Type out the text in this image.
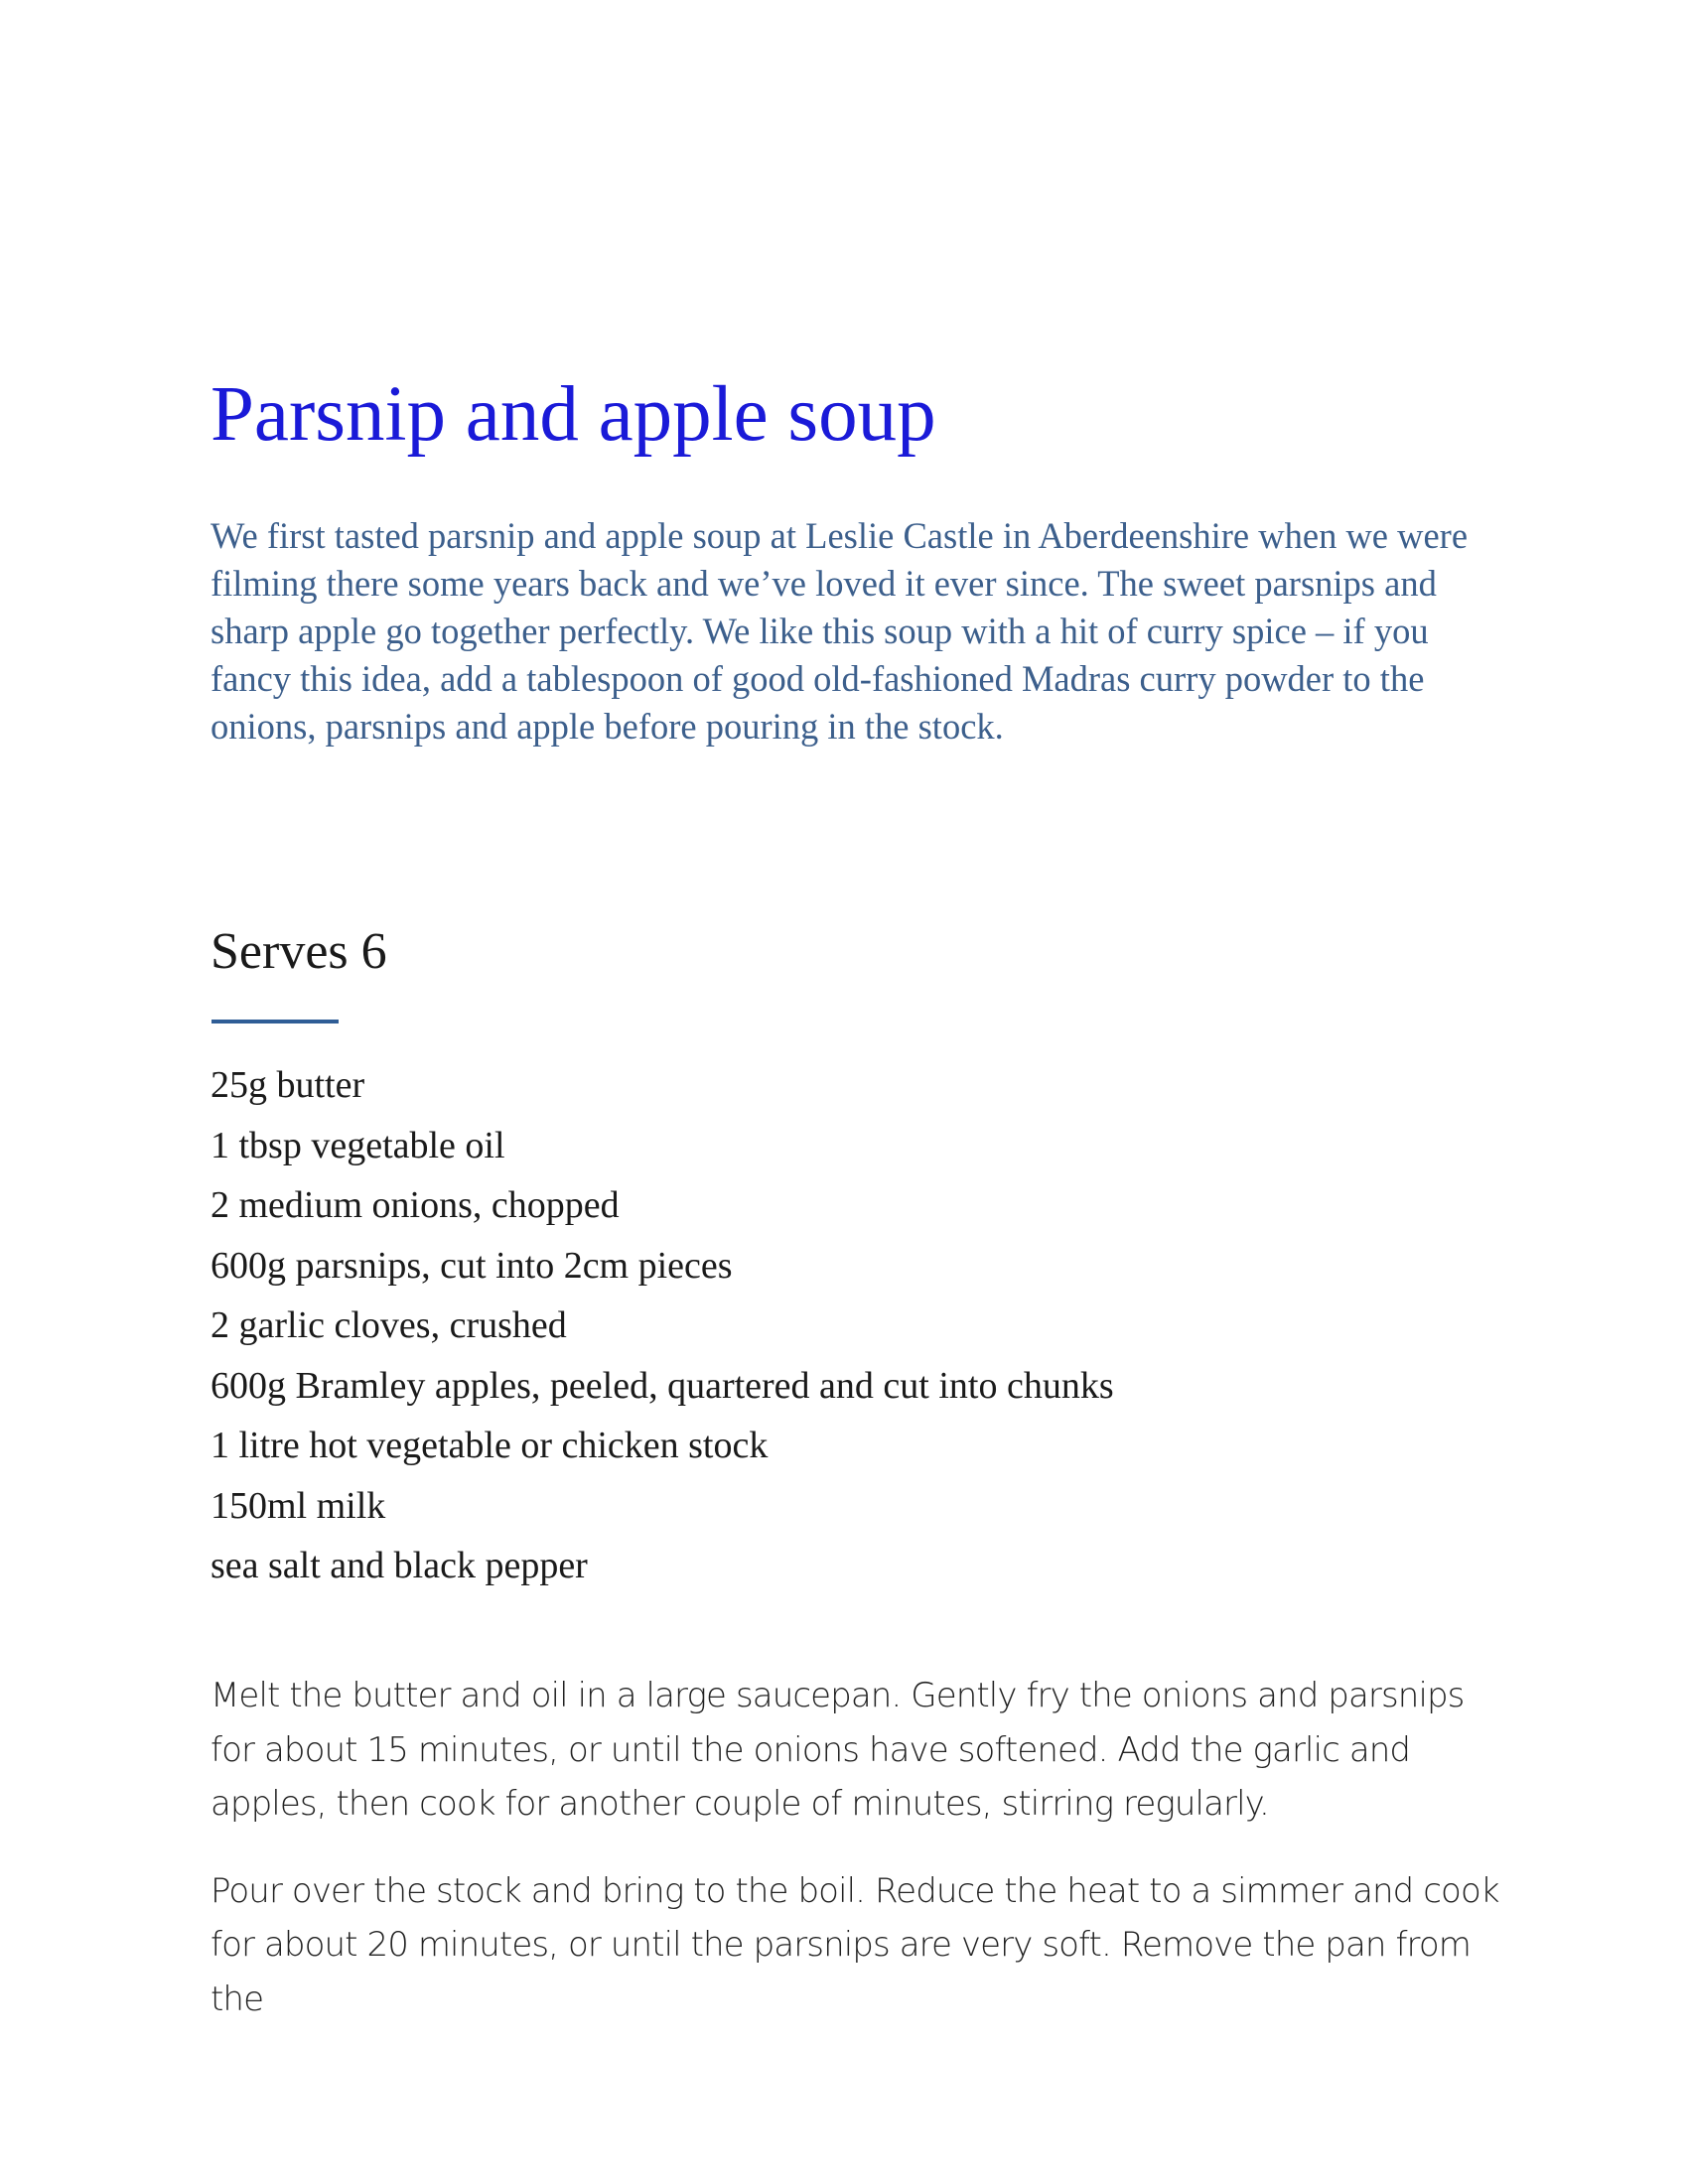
Parsnip and apple soup

We first tasted parsnip and apple soup at Leslie Castle in Aberdeenshire when we were filming there some years back and we’ve loved it ever since. The sweet parsnips and sharp apple go together perfectly. We like this soup with a hit of curry spice – if you fancy this idea, add a tablespoon of good old-fashioned Madras curry powder to the onions, parsnips and apple before pouring in the stock.

Serves 6
25g butter
1 tbsp vegetable oil
2 medium onions, chopped
600g parsnips, cut into 2cm pieces
2 garlic cloves, crushed
600g Bramley apples, peeled, quartered and cut into chunks
1 litre hot vegetable or chicken stock
150ml milk
sea salt and black pepper

Melt the butter and oil in a large saucepan. Gently fry the onions and parsnips for about 15 minutes, or until the onions have softened. Add the garlic and apples, then cook for another couple of minutes, stirring regularly.

Pour over the stock and bring to the boil. Reduce the heat to a simmer and cook for about 20 minutes, or until the parsnips are very soft. Remove the pan from the
